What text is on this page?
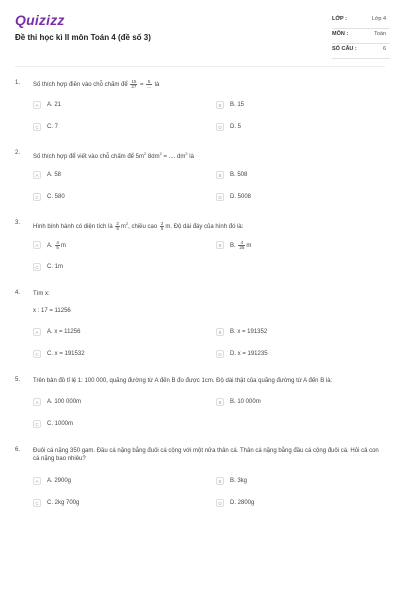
Quizizz
Đề thi học kì II môn Toán 4 (đề số 3)
LỚP :	Lớp 4
MÔN :	Toán
SỐ CÂU :	6
1.	Số thích hợp điền vào chỗ chấm để $\frac{15}{27} = \frac{5}{...}$ là
A	A. 21	B	B. 15
C	C. 7	D	D. 5
2.
Số thích hợp để viết vào chỗ chấm để $5m^2$ $8dm^2$ = .... $dm^2$ là
A	A. 58	B	B. 508
C	C. 580	D	D. 5008
3.
Hình bình hành có diện tích là $\frac{2}{5} m^2$, chiều cao $\frac{2}{5} m$. Độ dài đáy của hình đó là:
A	A. $\frac{4}{5}$ m	B	B. $\frac{4}{25}$ m
C	C. 1m
4.	Tìm x:
x : 17 = 11256
A	A. x = 11256	B	B. x = 191352
C	C. x = 191532	D	D. x = 191235
5.	Trên bản đồ tỉ lệ 1: 100 000, quãng đường từ A đến B đo được 1cm. Độ dài thật của quãng đường từ A đến B là:
A	A. 100 000m	B	B. 10 000m
C	C. 1000m
6.	Đuôi cá nặng 350 gam. Đầu cá nặng bằng đuôi cá cộng với một nửa thân cá. Thân cá nặng bằng đầu cá cộng đuôi cá. Hỏi cả con cá nặng bao nhiêu?
A	A. 2900g	B	B. 3kg
C	C. 2kg 700g	D	D. 2800g
